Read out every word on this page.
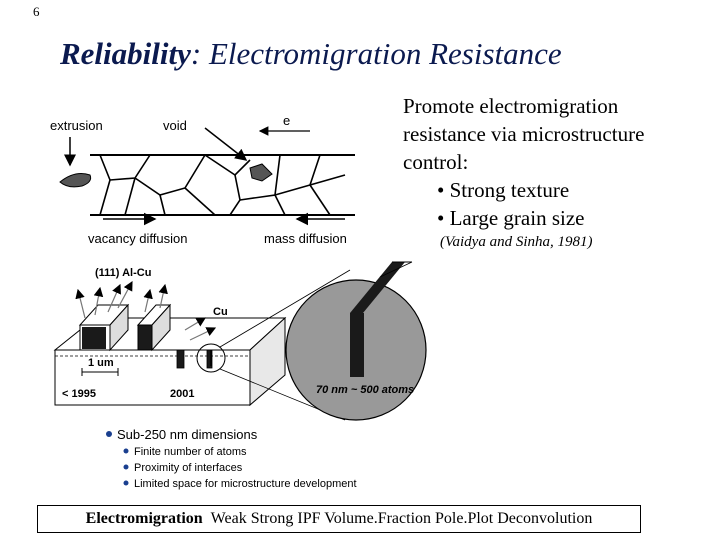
6
Reliability: Electromigration Resistance
Promote electromigration
resistance via microstructure
control:
• Strong texture
• Large grain size
(Vaidya and Sinha, 1981)
extrusion	void	e
vacancy diffusion	mass diffusion
(111) Al-Cu
Cu
1 um
< 1995	2001	70 nm ~ 500 atoms
Sub-250 nm dimensions
Finite number of atoms
Proximity of interfaces
Limited space for microstructure development
Electromigration Weak Strong IPF Volume.Fraction Pole.Plot Deconvolution
